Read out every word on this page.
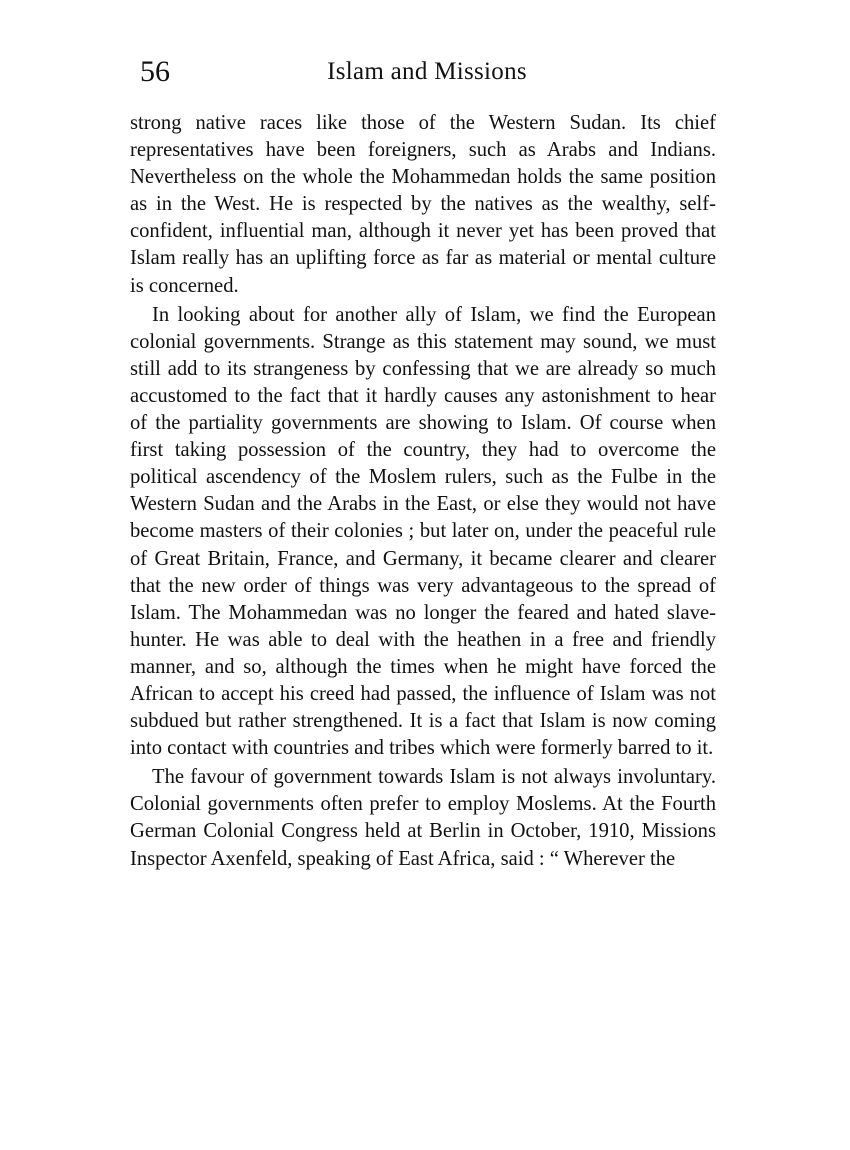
56	Islam and Missions

strong native races like those of the Western Sudan. Its chief representatives have been foreigners, such as Arabs and Indians. Nevertheless on the whole the Mohammedan holds the same position as in the West. He is respected by the natives as the wealthy, self-confident, influential man, although it never yet has been proved that Islam really has an uplifting force as far as material or mental culture is concerned.

In looking about for another ally of Islam, we find the European colonial governments. Strange as this statement may sound, we must still add to its strangeness by confessing that we are already so much accustomed to the fact that it hardly causes any astonishment to hear of the partiality governments are showing to Islam. Of course when first taking possession of the country, they had to overcome the political ascendency of the Moslem rulers, such as the Fulbe in the Western Sudan and the Arabs in the East, or else they would not have become masters of their colonies ; but later on, under the peaceful rule of Great Britain, France, and Germany, it became clearer and clearer that the new order of things was very advantageous to the spread of Islam. The Mohammedan was no longer the feared and hated slave-hunter. He was able to deal with the heathen in a free and friendly manner, and so, although the times when he might have forced the African to accept his creed had passed, the influence of Islam was not subdued but rather strengthened. It is a fact that Islam is now coming into contact with countries and tribes which were formerly barred to it.

The favour of government towards Islam is not always involuntary. Colonial governments often prefer to employ Moslems. At the Fourth German Colonial Congress held at Berlin in October, 1910, Missions Inspector Axenfeld, speaking of East Africa, said : “ Wherever the
